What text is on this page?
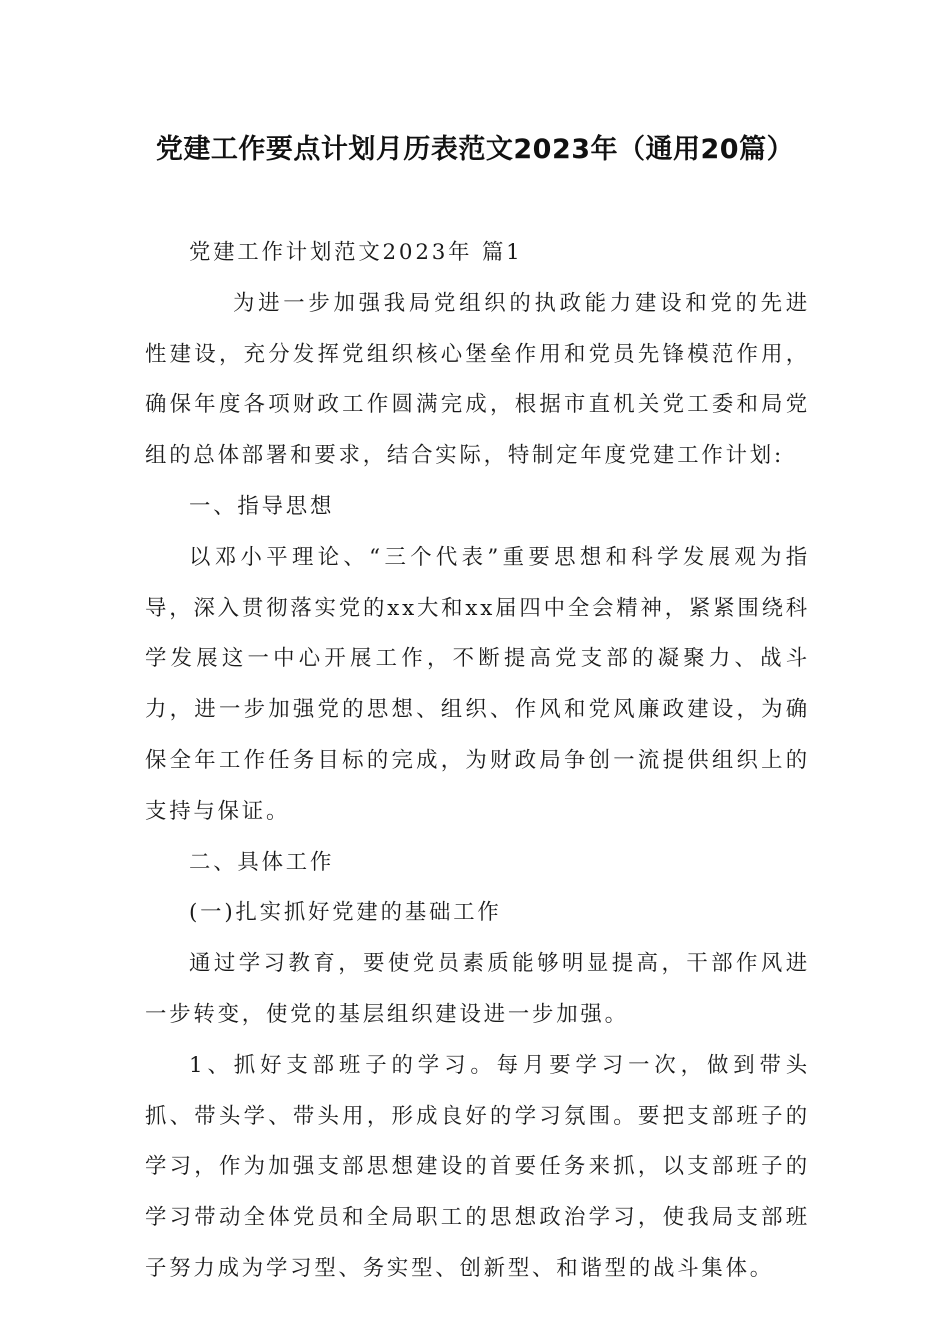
党建工作要点计划月历表范文2023年（通用20篇）

党建工作计划范文2023年 篇1

为进一步加强我局党组织的执政能力建设和党的先进性建设，充分发挥党组织核心堡垒作用和党员先锋模范作用，确保年度各项财政工作圆满完成，根据市直机关党工委和局党组的总体部署和要求，结合实际，特制定年度党建工作计划:

一、指导思想

以邓小平理论、“三个代表”重要思想和科学发展观为指导，深入贯彻落实党的xx大和xx届四中全会精神，紧紧围绕科学发展这一中心开展工作，不断提高党支部的凝聚力、战斗力，进一步加强党的思想、组织、作风和党风廉政建设，为确保全年工作任务目标的完成，为财政局争创一流提供组织上的支持与保证。

二、具体工作

(一)扎实抓好党建的基础工作

通过学习教育，要使党员素质能够明显提高，干部作风进一步转变，使党的基层组织建设进一步加强。

1、抓好支部班子的学习。每月要学习一次，做到带头抓、带头学、带头用，形成良好的学习氛围。要把支部班子的学习，作为加强支部思想建设的首要任务来抓，以支部班子的学习带动全体党员和全局职工的思想政治学习，使我局支部班子努力成为学习型、务实型、创新型、和谐型的战斗集体。
